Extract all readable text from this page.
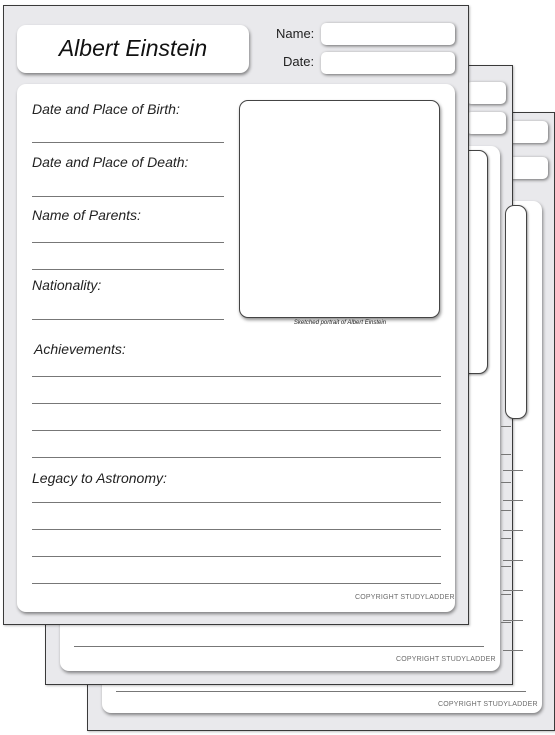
COPYRIGHT STUDYLADDER
COPYRIGHT STUDYLADDER
Albert Einstein
Name:
Date:
Date and Place of Birth:
Date and Place of Death:
Name of Parents:
Nationality:
Sketched portrait of Albert Einstein
Achievements:
Legacy to Astronomy:
COPYRIGHT STUDYLADDER
